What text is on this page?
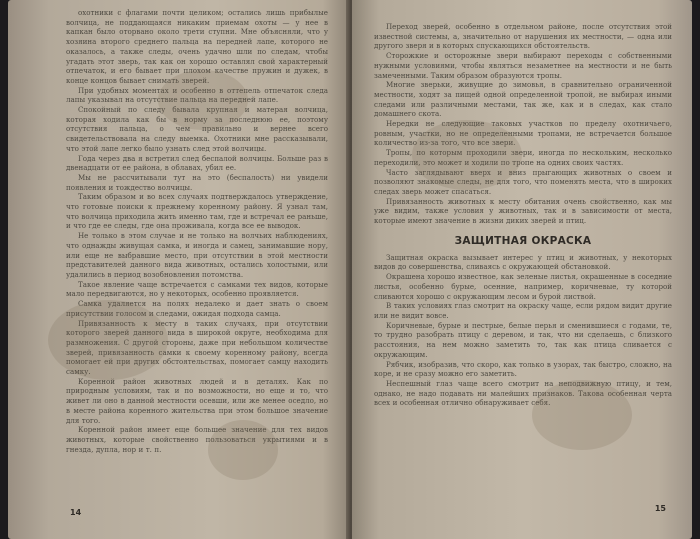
охотники с флагами почти целиком; остались лишь прибылые волчица, не поддающаяся никаким приемам охоты — у нее в капкан было оторвано около трети ступни. Мне объясняли, что у хозяина второго среднего пальца на передней лапе, которого не оказалось, а также следы, очень удачно шли по следам, чтобы угадать этот зверь, так как он хорошо оставлял свой характерный отпечаток, и его бывает при плохом качестве пружин и дужек, в конце концов бывает снимать зверей.

При удобных моментах и особенно в оттепель отпечаток следа лапы указывал на отсутствие пальца на передней лапе.

Спокойный по следу бывала крупная и матерая волчица, которая ходила как бы в норму за последнюю ее, поэтому отсутствия пальца, о чем правильно и вернее всего свидетельствовала на следу выемка. Охотники мне рассказывали, что этой лапе легко было узнать след этой волчицы.

Года через два я встретил след беспалой волчицы. Больше раз в двенадцати от ее района, в облавах, убил ее.

Мы не рассчитывали тут на это (беспалость) ни увидели появления и тождество волчицы.

Таким образом и во всех случаях подтверждалось утверждение, что готовые поиски к прежнему коренному району. Я узнал там, что волчица приходила жить именно там, где и встречал ее раньше, и что где ее следы, где она проживала, когда все ее выводок.

Не только в этом случае и не только на волчьих наблюдениях, что однажды живущая самка, и иногда и самец, занимавшие нору, или еще не выбравшие место, при отсутствии в этой местности представителей данного вида животных, остались холостыми, или удалились в период возобновления потомства.

Такое явление чаще встречается с самками тех видов, которые мало передвигаются, но у некоторых, особенно проявляется.

Самка удаляется на полях недалеко и дает знать о своем присутствии голосом и следами, ожидая подхода самца.

Привязанность к месту в таких случаях, при отсутствии которого зверей данного вида в широкой округе, необходима для размножения. С другой стороны, даже при небольшом количестве зверей, привязанность самки к своему коренному району, всегда помогает ей при других обстоятельствах, помогает самцу находить самку.

Коренной район животных людей и в деталях. Как по природным условиям, так и по возможности, но еще и то, что живет ли оно в данной местности осевши, или же менее оседло, но в месте района коренного жительства при этом большое значение для того.

Коренной район имеет еще большее значение для тех видов животных, которые свойственно пользоваться укрытиями и в гнезда, дупла, нор и т. п.

14

Переход зверей, особенно в отдельном районе, после отсутствия этой известной системы, а, значительно от нарушения их местности, — одна или другого зверя и в которых спускающихся обстоятельств.

Сторожкие и осторожные звери выбирают переходы с собственными нужными условиями, чтобы являться незаметнее на местности и не быть замеченными. Таким образом образуются тропы.

Многие зверьки, живущие до зимовья, в сравнительно ограниченной местности, ходят за пищей одной определенной тропой, не выбирая иными следами или различными местами, так же, как и в следах, как стало домашнего скота.

Нередки не следующие таковых участков по пределу охотничьего, ровным, участки, но не определенными тропами, не встречается большое количество из-за того, что все звери.

Тропы, по которым проходили звери, иногда по нескольким, несколько переходили, это может и ходили по тропе на одних своих частях.

Часто заглядывают вверх и вниз прыгающих животных о своем и позволяют знакомые следы, не для того, что поменять места, что в широких следах зверь может спасаться.

Привязанность животных к месту обитания очень свойственно, как мы уже видим, также условия у животных, так и в зависимости от места, которые имеют значение в жизни диких зверей и птиц.

ЗАЩИТНАЯ ОКРАСКА

Защитная окраска вызывает интерес у птиц и животных, у некоторых видов до совершенства, сливаясь с окружающей обстановкой.

Окрашена хорошо известное, как зеленые листья, окрашенные в соседние листья, особенно бурые, осенние, например, коричневые, ту которой сливаются хорошо с окружающим лесом и бурой листвой.

В таких условиях глаз смотрит на окраску чаще, если рядом видит другие или не видит вовсе.

Коричневые, бурые и пестрые, белые перья и сменившиеся с годами, те, то трудно разобрать птицу с деревом, и так, что ни сделаешь, с близкого расстояния, на нем можно заметить то, так как птица сливается с окружающим.

Рябчик, изобразив, что скоро, как только в узорах, так быстро, сложно, на коре, и не сразу можно его заметить.

Неспешный глаз чаще всего смотрит на неподвижную птицу, и тем, однако, не надо подавать ни малейших признаков. Такова особенная черта всех и особенная отлично обнаруживает себя.

15
